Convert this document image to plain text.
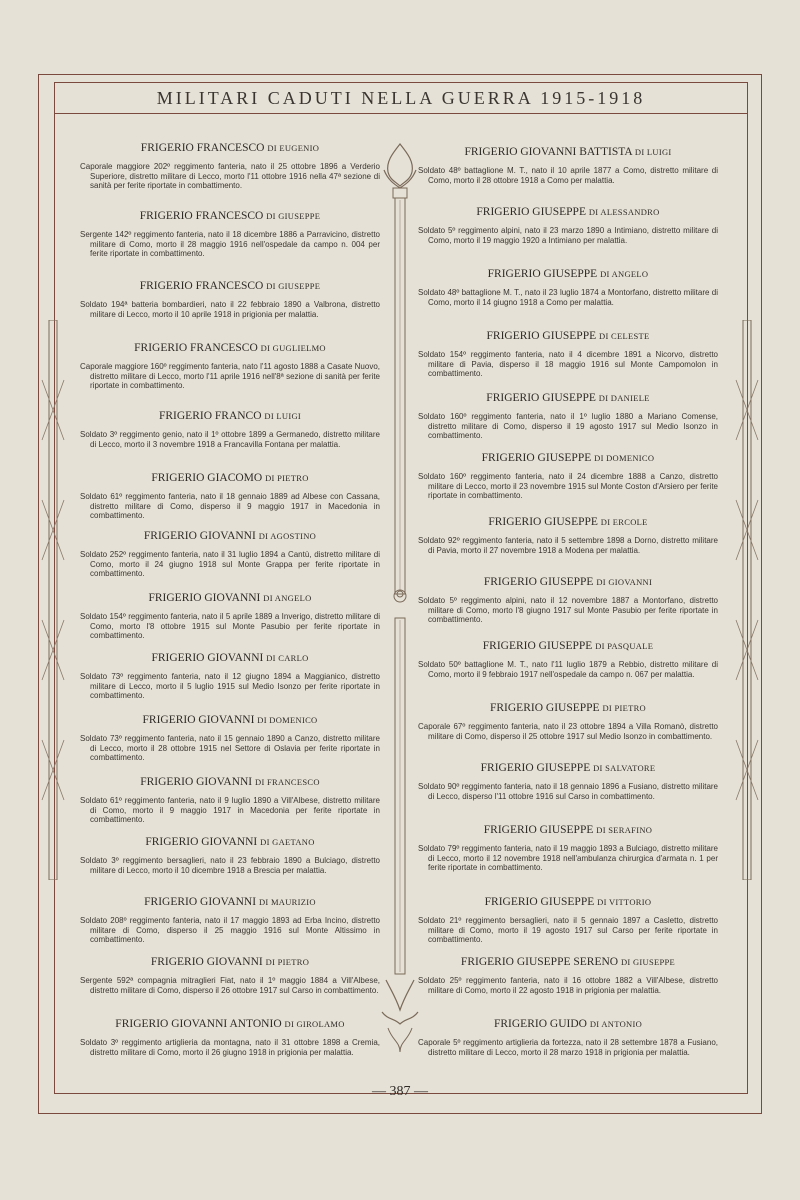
MILITARI CADUTI NELLA GUERRA 1915-1918

FRIGERIO FRANCESCO DI EUGENIO

Caporale maggiore 202º reggimento fanteria, nato il 25 ottobre 1896 a Verderio Superiore, distretto militare di Lecco, morto l'11 ottobre 1916 nella 47ª sezione di sanità per ferite riportate in combattimento.

FRIGERIO FRANCESCO DI GIUSEPPE

Sergente 142º reggimento fanteria, nato il 18 dicembre 1886 a Parravicino, distretto militare di Como, morto il 28 maggio 1916 nell'ospedale da campo n. 004 per ferite riportate in combattimento.

FRIGERIO FRANCESCO DI GIUSEPPE

Soldato 194ª batteria bombardieri, nato il 22 febbraio 1890 a Valbrona, distretto militare di Lecco, morto il 10 aprile 1918 in prigionia per malattia.

FRIGERIO FRANCESCO DI GUGLIELMO

Caporale maggiore 160º reggimento fanteria, nato l'11 agosto 1888 a Casate Nuovo, distretto militare di Lecco, morto l'11 aprile 1916 nell'8ª sezione di sanità per ferite riportate in combattimento.

FRIGERIO FRANCO DI LUIGI

Soldato 3º reggimento genio, nato il 1º ottobre 1899 a Germanedo, distretto militare di Lecco, morto il 3 novembre 1918 a Francavilla Fontana per malattia.

FRIGERIO GIACOMO DI PIETRO

Soldato 61º reggimento fanteria, nato il 18 gennaio 1889 ad Albese con Cassana, distretto militare di Como, disperso il 9 maggio 1917 in Macedonia in combattimento.

FRIGERIO GIOVANNI DI AGOSTINO

Soldato 252º reggimento fanteria, nato il 31 luglio 1894 a Cantù, distretto militare di Como, morto il 24 giugno 1918 sul Monte Grappa per ferite riportate in combattimento.

FRIGERIO GIOVANNI DI ANGELO

Soldato 154º reggimento fanteria, nato il 5 aprile 1889 a Inverigo, distretto militare di Como, morto l'8 ottobre 1915 sul Monte Pasubio per ferite riportate in combattimento.

FRIGERIO GIOVANNI DI CARLO

Soldato 73º reggimento fanteria, nato il 12 giugno 1894 a Maggianico, distretto militare di Lecco, morto il 5 luglio 1915 sul Medio Isonzo per ferite riportate in combattimento.

FRIGERIO GIOVANNI DI DOMENICO

Soldato 73º reggimento fanteria, nato il 15 gennaio 1890 a Canzo, distretto militare di Lecco, morto il 28 ottobre 1915 nel Settore di Oslavia per ferite riportate in combattimento.

FRIGERIO GIOVANNI DI FRANCESCO

Soldato 61º reggimento fanteria, nato il 9 luglio 1890 a Vill'Albese, distretto militare di Como, morto il 9 maggio 1917 in Macedonia per ferite riportate in combattimento.

FRIGERIO GIOVANNI DI GAETANO

Soldato 3º reggimento bersaglieri, nato il 23 febbraio 1890 a Bulciago, distretto militare di Lecco, morto il 10 dicembre 1918 a Brescia per malattia.

FRIGERIO GIOVANNI DI MAURIZIO

Soldato 208º reggimento fanteria, nato il 17 maggio 1893 ad Erba Incino, distretto militare di Como, disperso il 25 maggio 1916 sul Monte Altissimo in combattimento.

FRIGERIO GIOVANNI DI PIETRO

Sergente 592ª compagnia mitraglieri Fiat, nato il 1º maggio 1884 a Vill'Albese, distretto militare di Como, disperso il 26 ottobre 1917 sul Carso in combattimento.

FRIGERIO GIOVANNI ANTONIO DI GIROLAMO

Soldato 3º reggimento artiglieria da montagna, nato il 31 ottobre 1898 a Cremia, distretto militare di Como, morto il 26 giugno 1918 in prigionia per malattia.

FRIGERIO GIOVANNI BATTISTA DI LUIGI

Soldato 48º battaglione M. T., nato il 10 aprile 1877 a Como, distretto militare di Como, morto il 28 ottobre 1918 a Como per malattia.

FRIGERIO GIUSEPPE DI ALESSANDRO

Soldato 5º reggimento alpini, nato il 23 marzo 1890 a Intimiano, distretto militare di Como, morto il 19 maggio 1920 a Intimiano per malattia.

FRIGERIO GIUSEPPE DI ANGELO

Soldato 48º battaglione M. T., nato il 23 luglio 1874 a Montorfano, distretto militare di Como, morto il 14 giugno 1918 a Como per malattia.

FRIGERIO GIUSEPPE DI CELESTE

Soldato 154º reggimento fanteria, nato il 4 dicembre 1891 a Nicorvo, distretto militare di Pavia, disperso il 18 maggio 1916 sul Monte Campomolon in combattimento.

FRIGERIO GIUSEPPE DI DANIELE

Soldato 160º reggimento fanteria, nato il 1º luglio 1880 a Mariano Comense, distretto militare di Como, disperso il 19 agosto 1917 sul Medio Isonzo in combattimento.

FRIGERIO GIUSEPPE DI DOMENICO

Soldato 160º reggimento fanteria, nato il 24 dicembre 1888 a Canzo, distretto militare di Lecco, morto il 23 novembre 1915 sul Monte Coston d'Arsiero per ferite riportate in combattimento.

FRIGERIO GIUSEPPE DI ERCOLE

Soldato 92º reggimento fanteria, nato il 5 settembre 1898 a Dorno, distretto militare di Pavia, morto il 27 novembre 1918 a Modena per malattia.

FRIGERIO GIUSEPPE DI GIOVANNI

Soldato 5º reggimento alpini, nato il 12 novembre 1887 a Montorfano, distretto militare di Como, morto l'8 giugno 1917 sul Monte Pasubio per ferite riportate in combattimento.

FRIGERIO GIUSEPPE DI PASQUALE

Soldato 50º battaglione M. T., nato l'11 luglio 1879 a Rebbio, distretto militare di Como, morto il 9 febbraio 1917 nell'ospedale da campo n. 067 per malattia.

FRIGERIO GIUSEPPE DI PIETRO

Caporale 67º reggimento fanteria, nato il 23 ottobre 1894 a Villa Romanò, distretto militare di Como, disperso il 25 ottobre 1917 sul Medio Isonzo in combattimento.

FRIGERIO GIUSEPPE DI SALVATORE

Soldato 90º reggimento fanteria, nato il 18 gennaio 1896 a Fusiano, distretto militare di Lecco, disperso l'11 ottobre 1916 sul Carso in combattimento.

FRIGERIO GIUSEPPE DI SERAFINO

Soldato 79º reggimento fanteria, nato il 19 maggio 1893 a Bulciago, distretto militare di Lecco, morto il 12 novembre 1918 nell'ambulanza chirurgica d'armata n. 1 per ferite riportate in combattimento.

FRIGERIO GIUSEPPE DI VITTORIO

Soldato 21º reggimento bersaglieri, nato il 5 gennaio 1897 a Casletto, distretto militare di Como, morto il 19 agosto 1917 sul Carso per ferite riportate in combattimento.

FRIGERIO GIUSEPPE SERENO DI GIUSEPPE

Soldato 25º reggimento fanteria, nato il 16 ottobre 1882 a Vill'Albese, distretto militare di Como, morto il 22 agosto 1918 in prigionia per malattia.

FRIGERIO GUIDO DI ANTONIO

Caporale 5º reggimento artiglieria da fortezza, nato il 28 settembre 1878 a Fusiano, distretto militare di Lecco, morto il 28 marzo 1918 in prigionia per malattia.

— 387 —
